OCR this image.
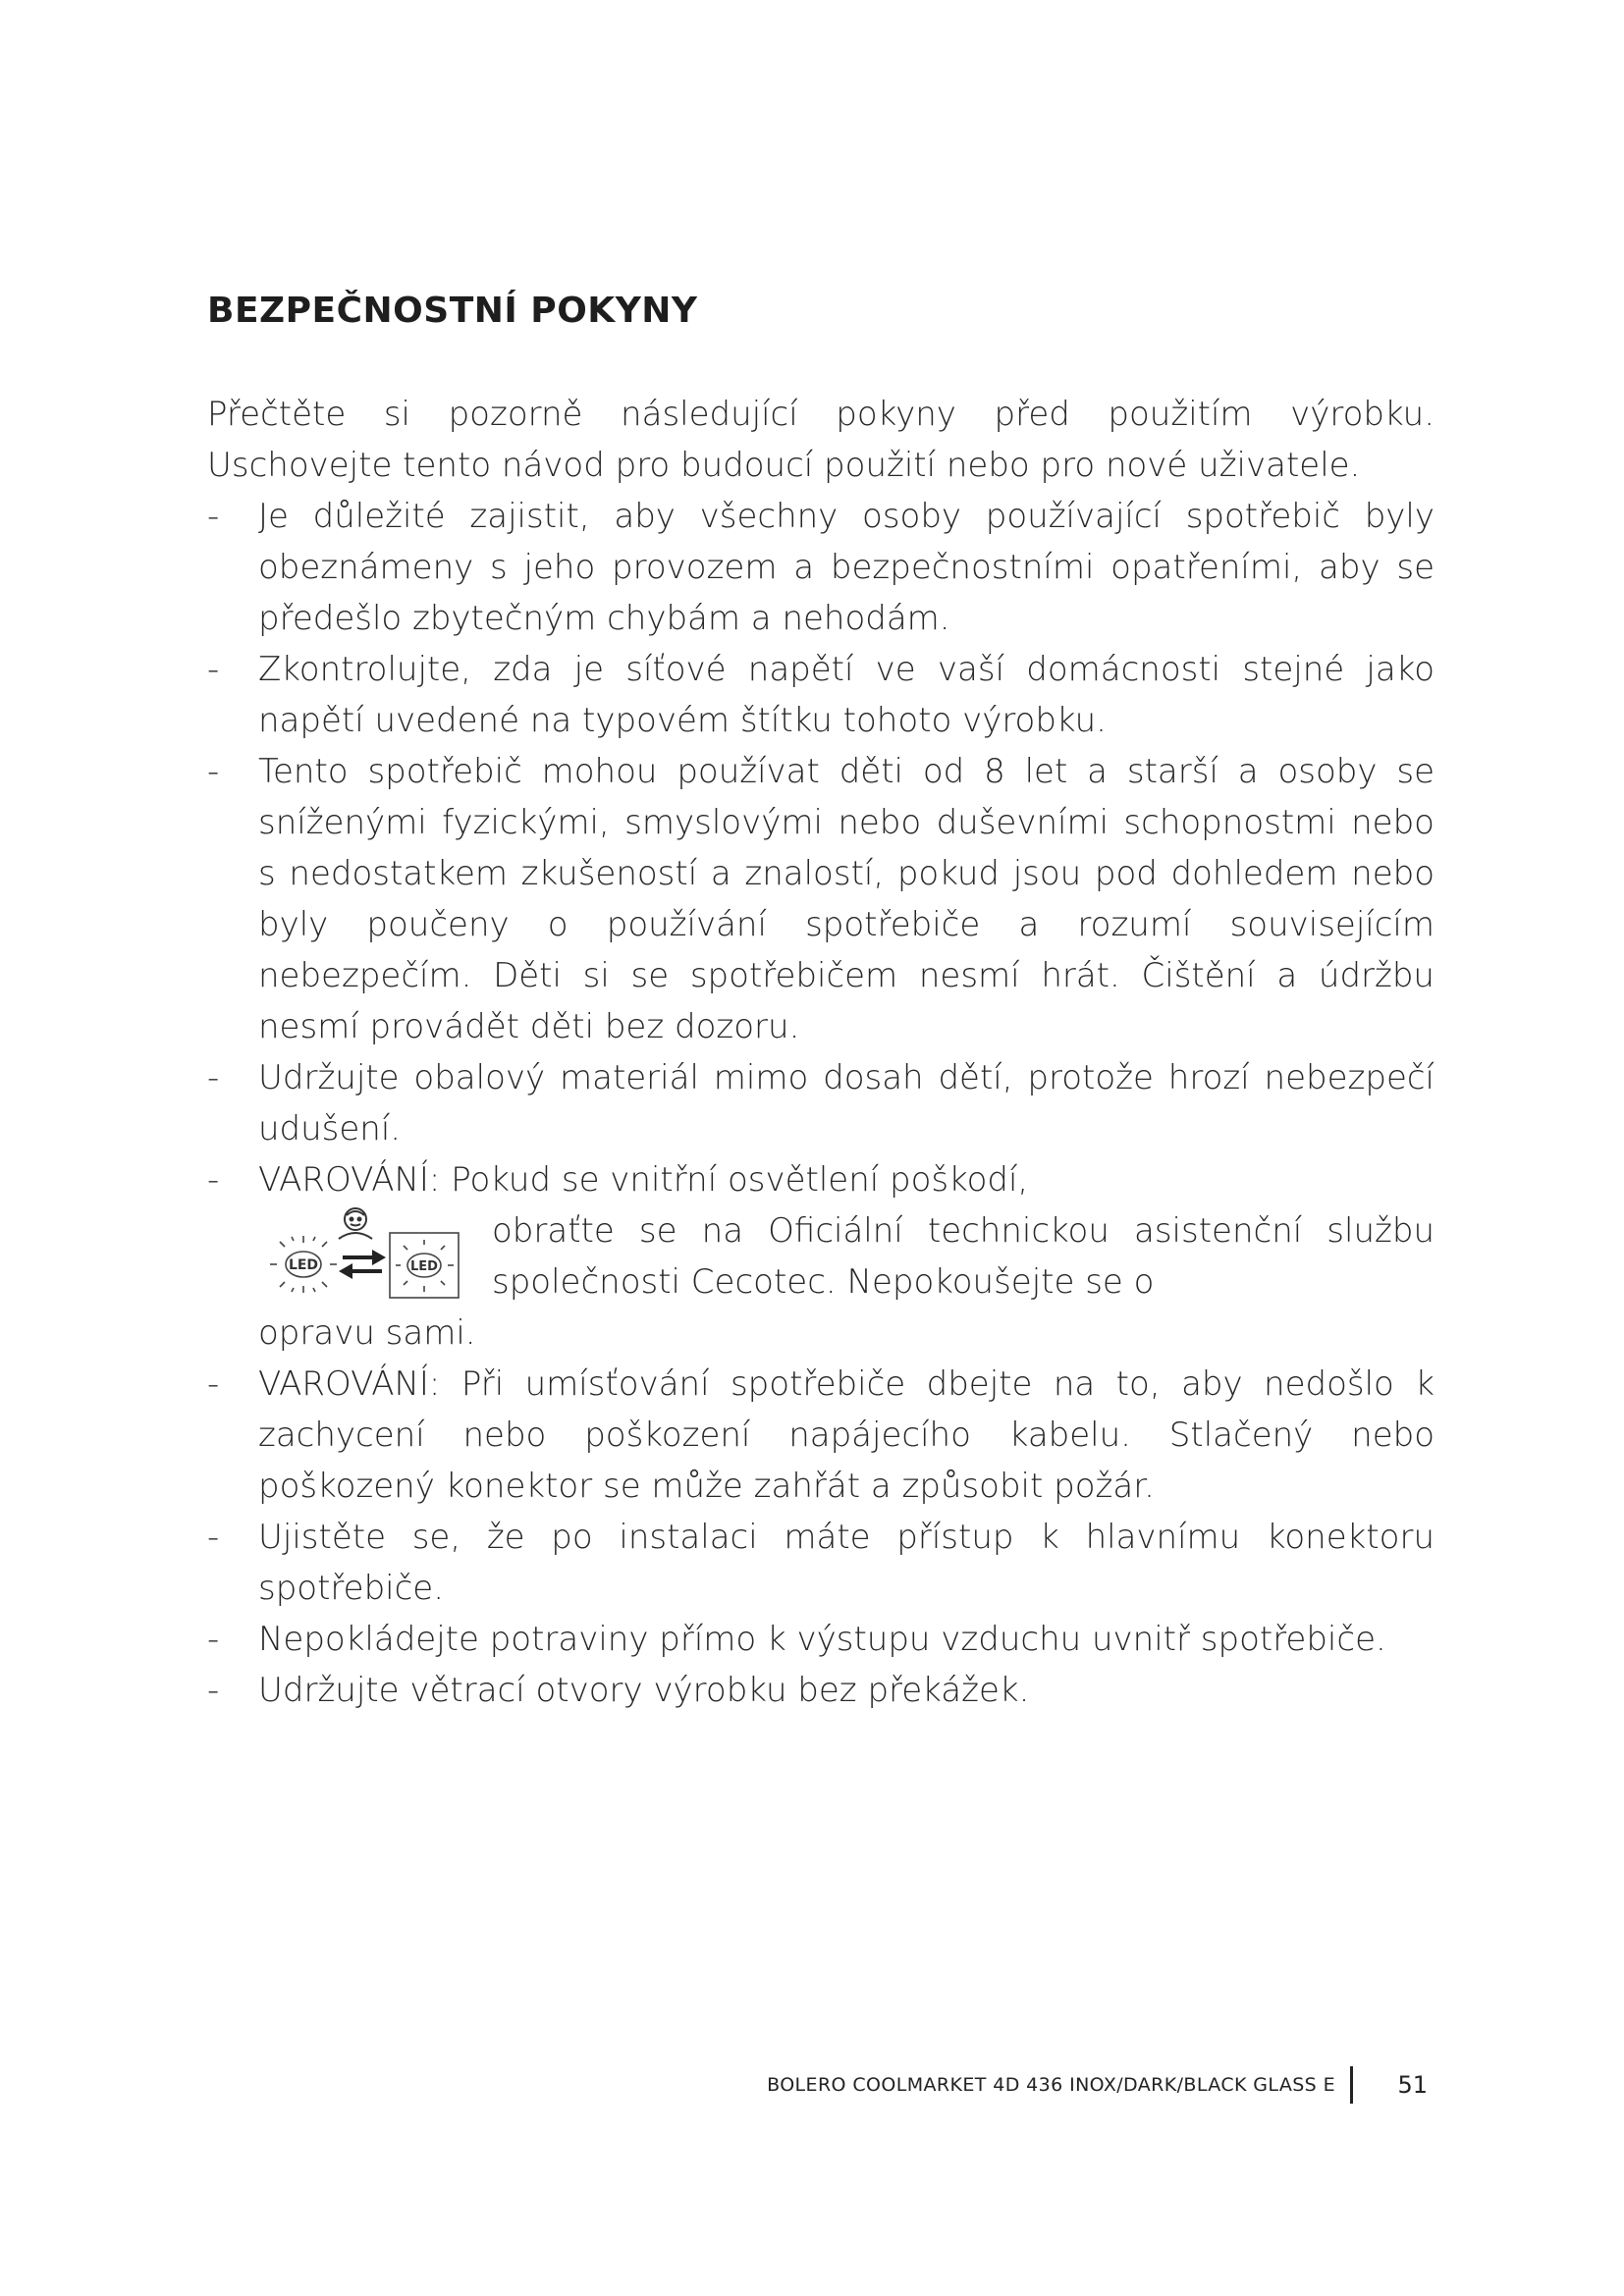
BEZPEČNOSTNÍ POKYNY

Přečtěte si pozorně následující pokyny před použitím výrobku. Uschovejte tento návod pro budoucí použití nebo pro nové uživatele.

- Je důležité zajistit, aby všechny osoby používající spotřebič byly obeznámeny s jeho provozem a bezpečnostními opatřeními, aby se předešlo zbytečným chybám a nehodám.
- Zkontrolujte, zda je síťové napětí ve vaší domácnosti stejné jako napětí uvedené na typovém štítku tohoto výrobku.
- Tento spotřebič mohou používat děti od 8 let a starší a osoby se sníženými fyzickými, smyslovými nebo duševními schopnostmi nebo s nedostatkem zkušeností a znalostí, pokud jsou pod dohledem nebo byly poučeny o používání spotřebiče a rozumí souvisejícím nebezpečím. Děti si se spotřebičem nesmí hrát. Čištění a údržbu nesmí provádět děti bez dozoru.
- Udržujte obalový materiál mimo dosah dětí, protože hrozí nebezpečí udušení.
- VAROVÁNÍ: Pokud se vnitřní osvětlení poškodí,
LED	LED
obraťte se na Oficiální technickou asistenční službu společnosti Cecotec. Nepokoušejte se o
opravu sami.
- VAROVÁNÍ: Při umísťování spotřebiče dbejte na to, aby nedošlo k zachycení nebo poškození napájecího kabelu. Stlačený nebo poškozený konektor se může zahřát a způsobit požár.
- Ujistěte se, že po instalaci máte přístup k hlavnímu konektoru spotřebiče.
- Nepokládejte potraviny přímo k výstupu vzduchu uvnitř spotřebiče.
- Udržujte větrací otvory výrobku bez překážek.
BOLERO COOLMARKET 4D 436 INOX/DARK/BLACK GLASS E	51
